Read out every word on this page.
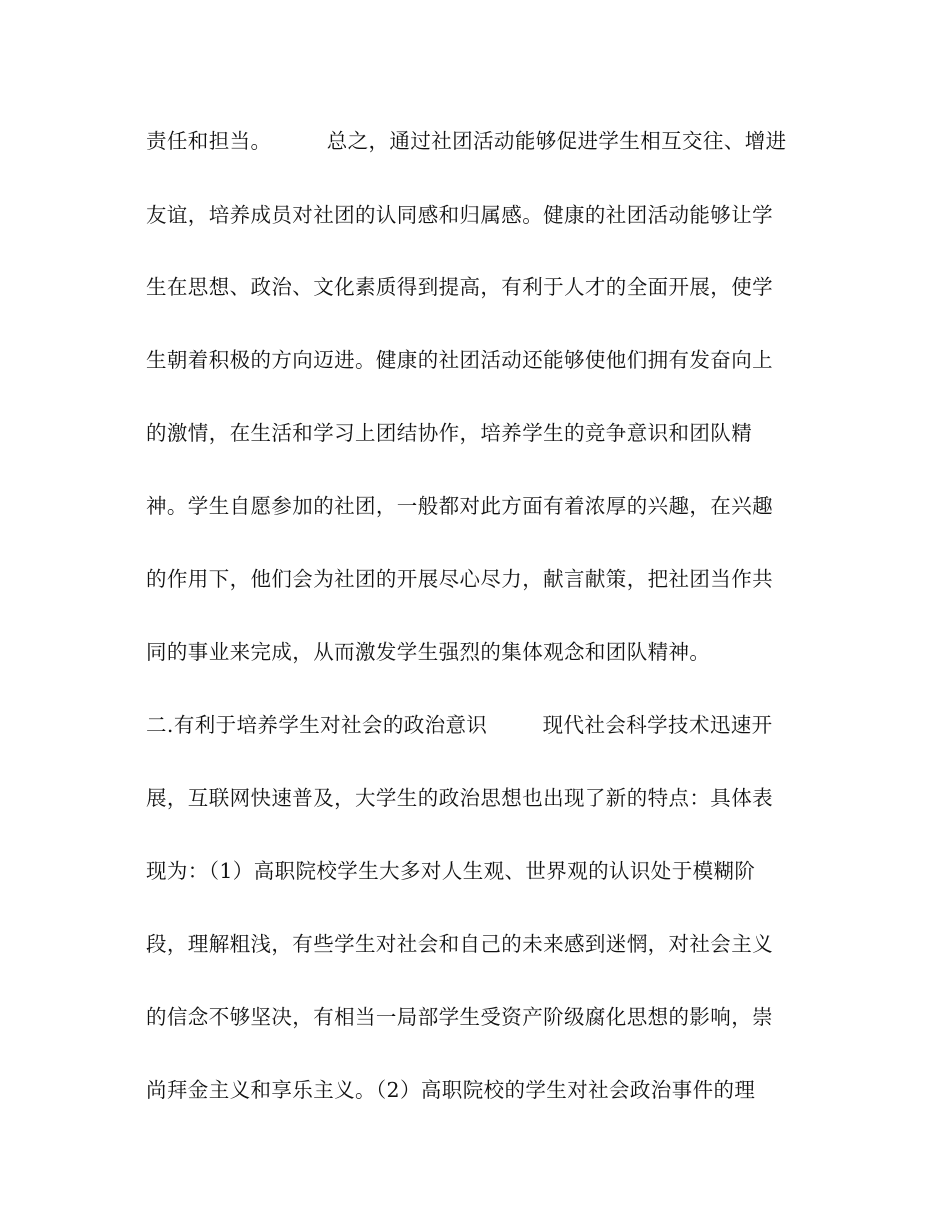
责任和担当。        总之，通过社团活动能够促进学生相互交往、增进

友谊，培养成员对社团的认同感和归属感。健康的社团活动能够让学

生在思想、政治、文化素质得到提高，有利于人才的全面开展，使学

生朝着积极的方向迈进。健康的社团活动还能够使他们拥有发奋向上

的激情，在生活和学习上团结协作，培养学生的竞争意识和团队精

神。学生自愿参加的社团，一般都对此方面有着浓厚的兴趣，在兴趣

的作用下，他们会为社团的开展尽心尽力，献言献策，把社团当作共

同的事业来完成，从而激发学生强烈的集体观念和团队精神。

二.有利于培养学生对社会的政治意识        现代社会科学技术迅速开

展，互联网快速普及，大学生的政治思想也出现了新的特点：具体表

现为：（1）高职院校学生大多对人生观、世界观的认识处于模糊阶

段，理解粗浅，有些学生对社会和自己的未来感到迷惘，对社会主义

的信念不够坚决，有相当一局部学生受资产阶级腐化思想的影响，崇

尚拜金主义和享乐主义。（2）高职院校的学生对社会政治事件的理
